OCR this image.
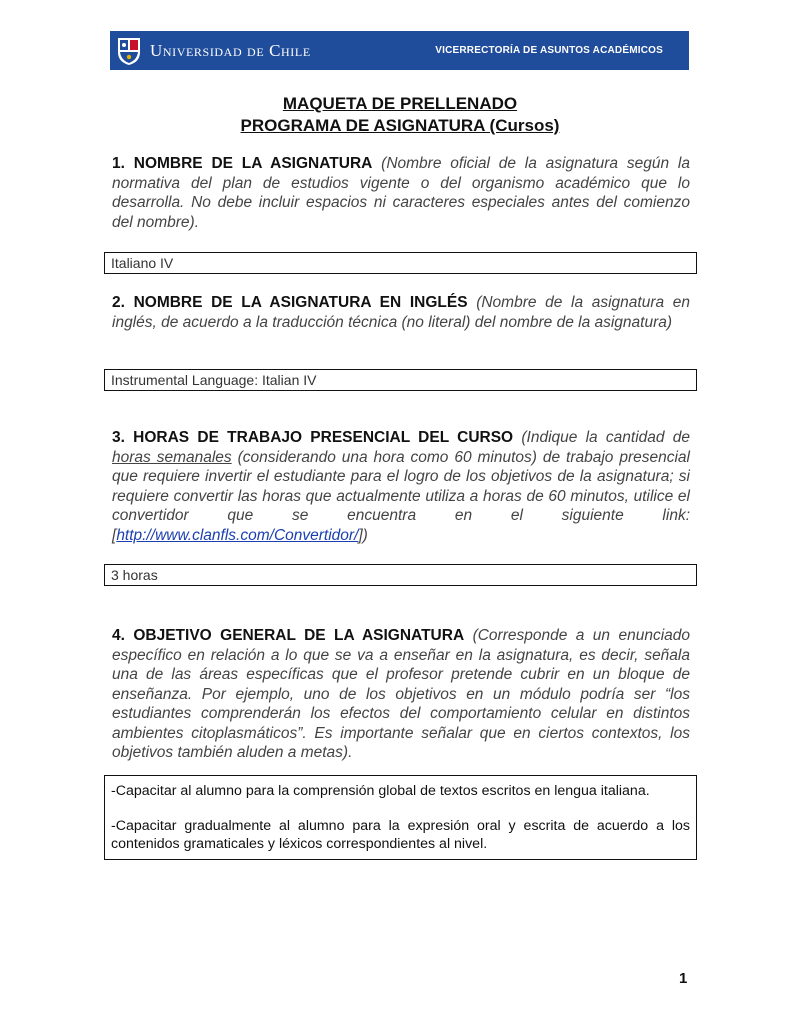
Universidad de Chile	VICERRECTORÍA DE ASUNTOS ACADÉMICOS
MAQUETA DE PRELLENADO
PROGRAMA DE ASIGNATURA (Cursos)
1. NOMBRE DE LA ASIGNATURA (Nombre oficial de la asignatura según la normativa del plan de estudios vigente o del organismo académico que lo desarrolla. No debe incluir espacios ni caracteres especiales antes del comienzo del nombre).
Italiano IV
2. NOMBRE DE LA ASIGNATURA EN INGLÉS (Nombre de la asignatura en inglés, de acuerdo a la traducción técnica (no literal) del nombre de la asignatura)
Instrumental Language: Italian IV
3. HORAS DE TRABAJO PRESENCIAL DEL CURSO (Indique la cantidad de horas semanales (considerando una hora como 60 minutos) de trabajo presencial que requiere invertir el estudiante para el logro de los objetivos de la asignatura; si requiere convertir las horas que actualmente utiliza a horas de 60 minutos, utilice el convertidor que se encuentra en el siguiente link: [http://www.clanfls.com/Convertidor/])
3 horas
4. OBJETIVO GENERAL DE LA ASIGNATURA (Corresponde a un enunciado específico en relación a lo que se va a enseñar en la asignatura, es decir, señala una de las áreas específicas que el profesor pretende cubrir en un bloque de enseñanza. Por ejemplo, uno de los objetivos en un módulo podría ser “los estudiantes comprenderán los efectos del comportamiento celular en distintos ambientes citoplasmáticos”. Es importante señalar que en ciertos contextos, los objetivos también aluden a metas).

-Capacitar al alumno para la comprensión global de textos escritos en lengua italiana.

-Capacitar gradualmente al alumno para la expresión oral y escrita de acuerdo a los contenidos gramaticales y léxicos correspondientes al nivel.

1
